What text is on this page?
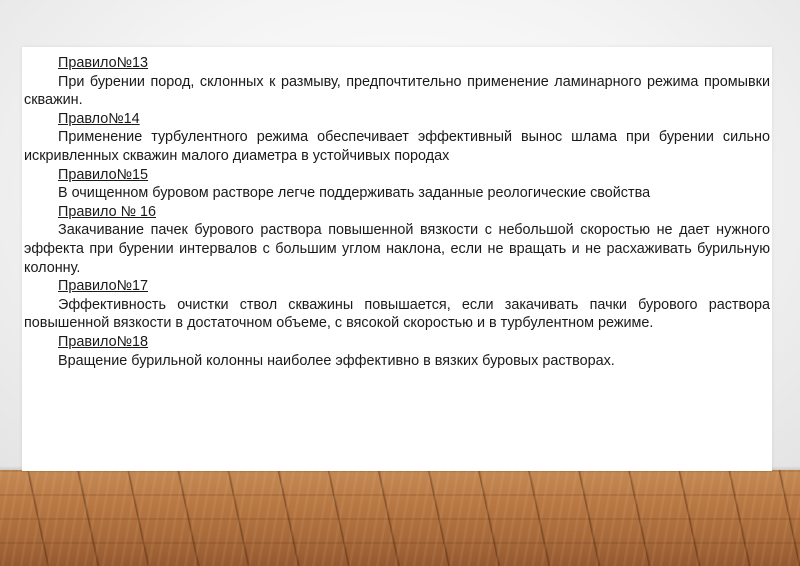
Правило№13

При бурении пород, склонных к размыву, предпочтительно применение ламинарного режима промывки скважин.

Правло№14

Применение турбулентного режима обеспечивает эффективный вынос шлама при бурении сильно искривленных скважин малого диаметра в устойчивых породах

Правило№15

В очищенном буровом растворе легче поддерживать заданные реологические свойства

Правило № 16

Закачивание пачек бурового раствора повышенной вязкости с небольшой скоростью не дает нужного эффекта при бурении интервалов с большим углом наклона, если не вращать и не расхаживать бурильную колонну.

Правило№17

Эффективность очистки ствол скважины повышается, если закачивать пачки бурового раствора повышенной вязкости в достаточном объеме, с вясокой скоростью и в турбулентном режиме.

Правило№18

Вращение бурильной колонны наиболее эффективно в вязких буровых растворах.
